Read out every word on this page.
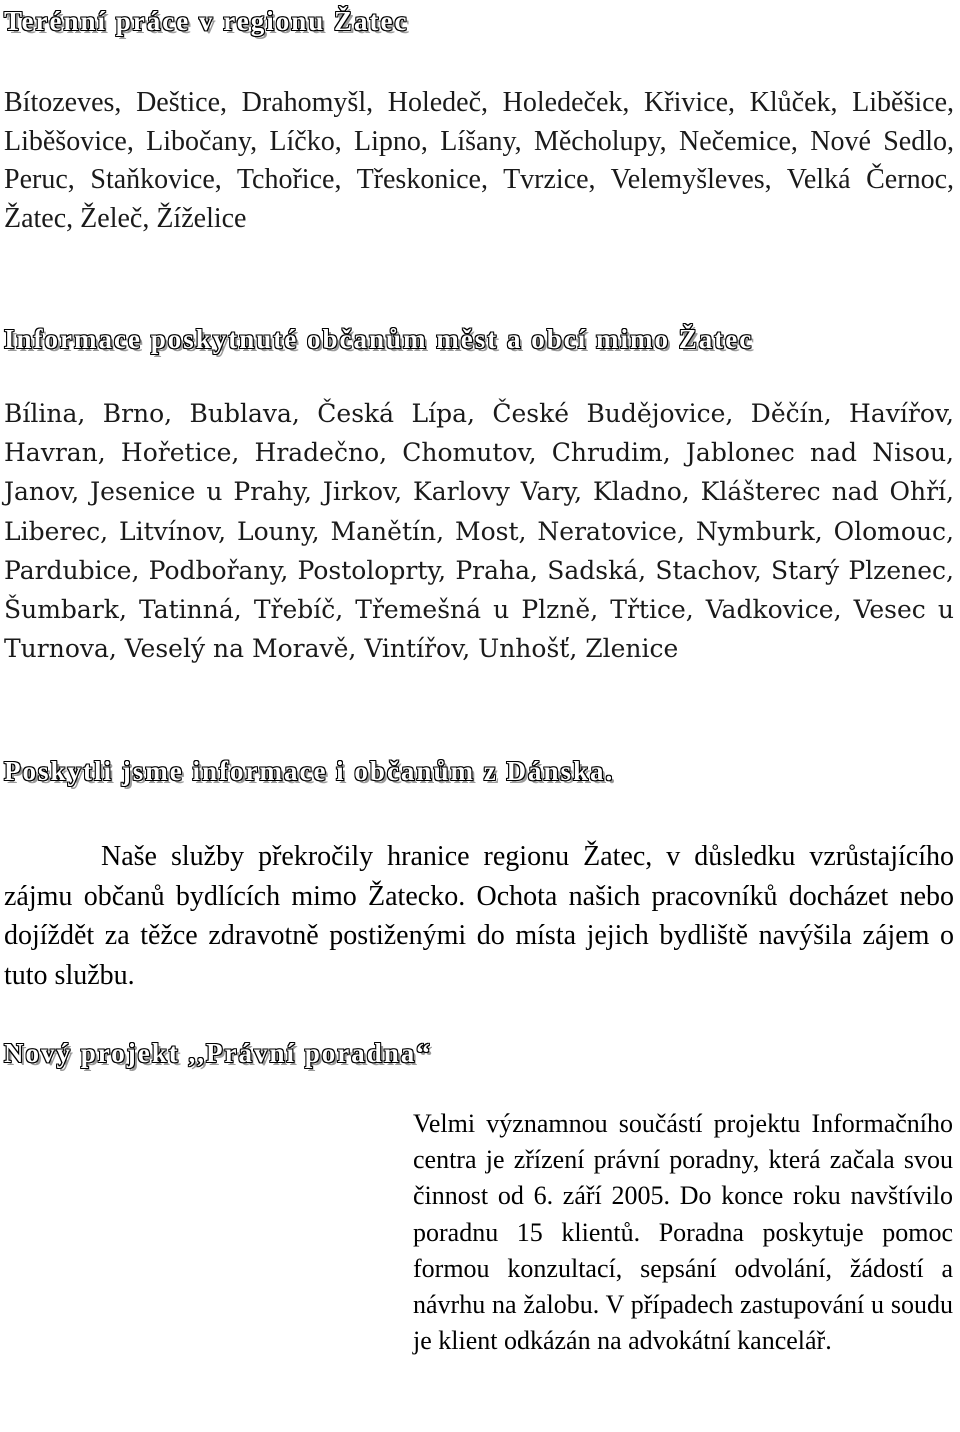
Terénní práce v regionu Žatec

Bítozeves, Deštice, Drahomyšl, Holedeč, Holedeček, Křivice, Klůček, Liběšice, Liběšovice, Libočany, Líčko, Lipno, Líšany, Měcholupy, Nečemice, Nové Sedlo, Peruc, Staňkovice, Tchořice, Třeskonice, Tvrzice, Velemyšleves, Velká Černoc, Žatec, Želeč, Žíželice

Informace poskytnuté občanům měst a obcí mimo Žatec

Bílina, Brno, Bublava, Česká Lípa, České Budějovice, Děčín, Havířov, Havran, Hořetice, Hradečno, Chomutov, Chrudim, Jablonec nad Nisou, Janov, Jesenice u Prahy, Jirkov, Karlovy Vary, Kladno, Klášterec nad Ohří, Liberec, Litvínov, Louny, Manětín, Most, Neratovice, Nymburk, Olomouc, Pardubice, Podbořany, Postoloprty, Praha, Sadská, Stachov, Starý Plzenec, Šumbark, Tatinná, Třebíč, Třemešná u Plzně, Třtice, Vadkovice, Vesec u Turnova, Veselý na Moravě, Vintířov, Unhošť, Zlenice

Poskytli jsme informace i občanům z Dánska.

Naše služby překročily hranice regionu Žatec, v důsledku vzrůstajícího zájmu občanů bydlících mimo Žatecko. Ochota našich pracovníků docházet nebo dojíždět za těžce zdravotně postiženými do místa jejich bydliště navýšila zájem o tuto službu.

Nový projekt ,,Právní poradna“

Velmi významnou součástí projektu Informačního centra je zřízení právní poradny, která začala svou činnost od 6. září 2005. Do konce roku navštívilo poradnu 15 klientů. Poradna poskytuje pomoc formou konzultací, sepsání odvolání, žádostí a návrhu na žalobu. V případech zastupování u soudu je klient odkázán na advokátní kancelář.
